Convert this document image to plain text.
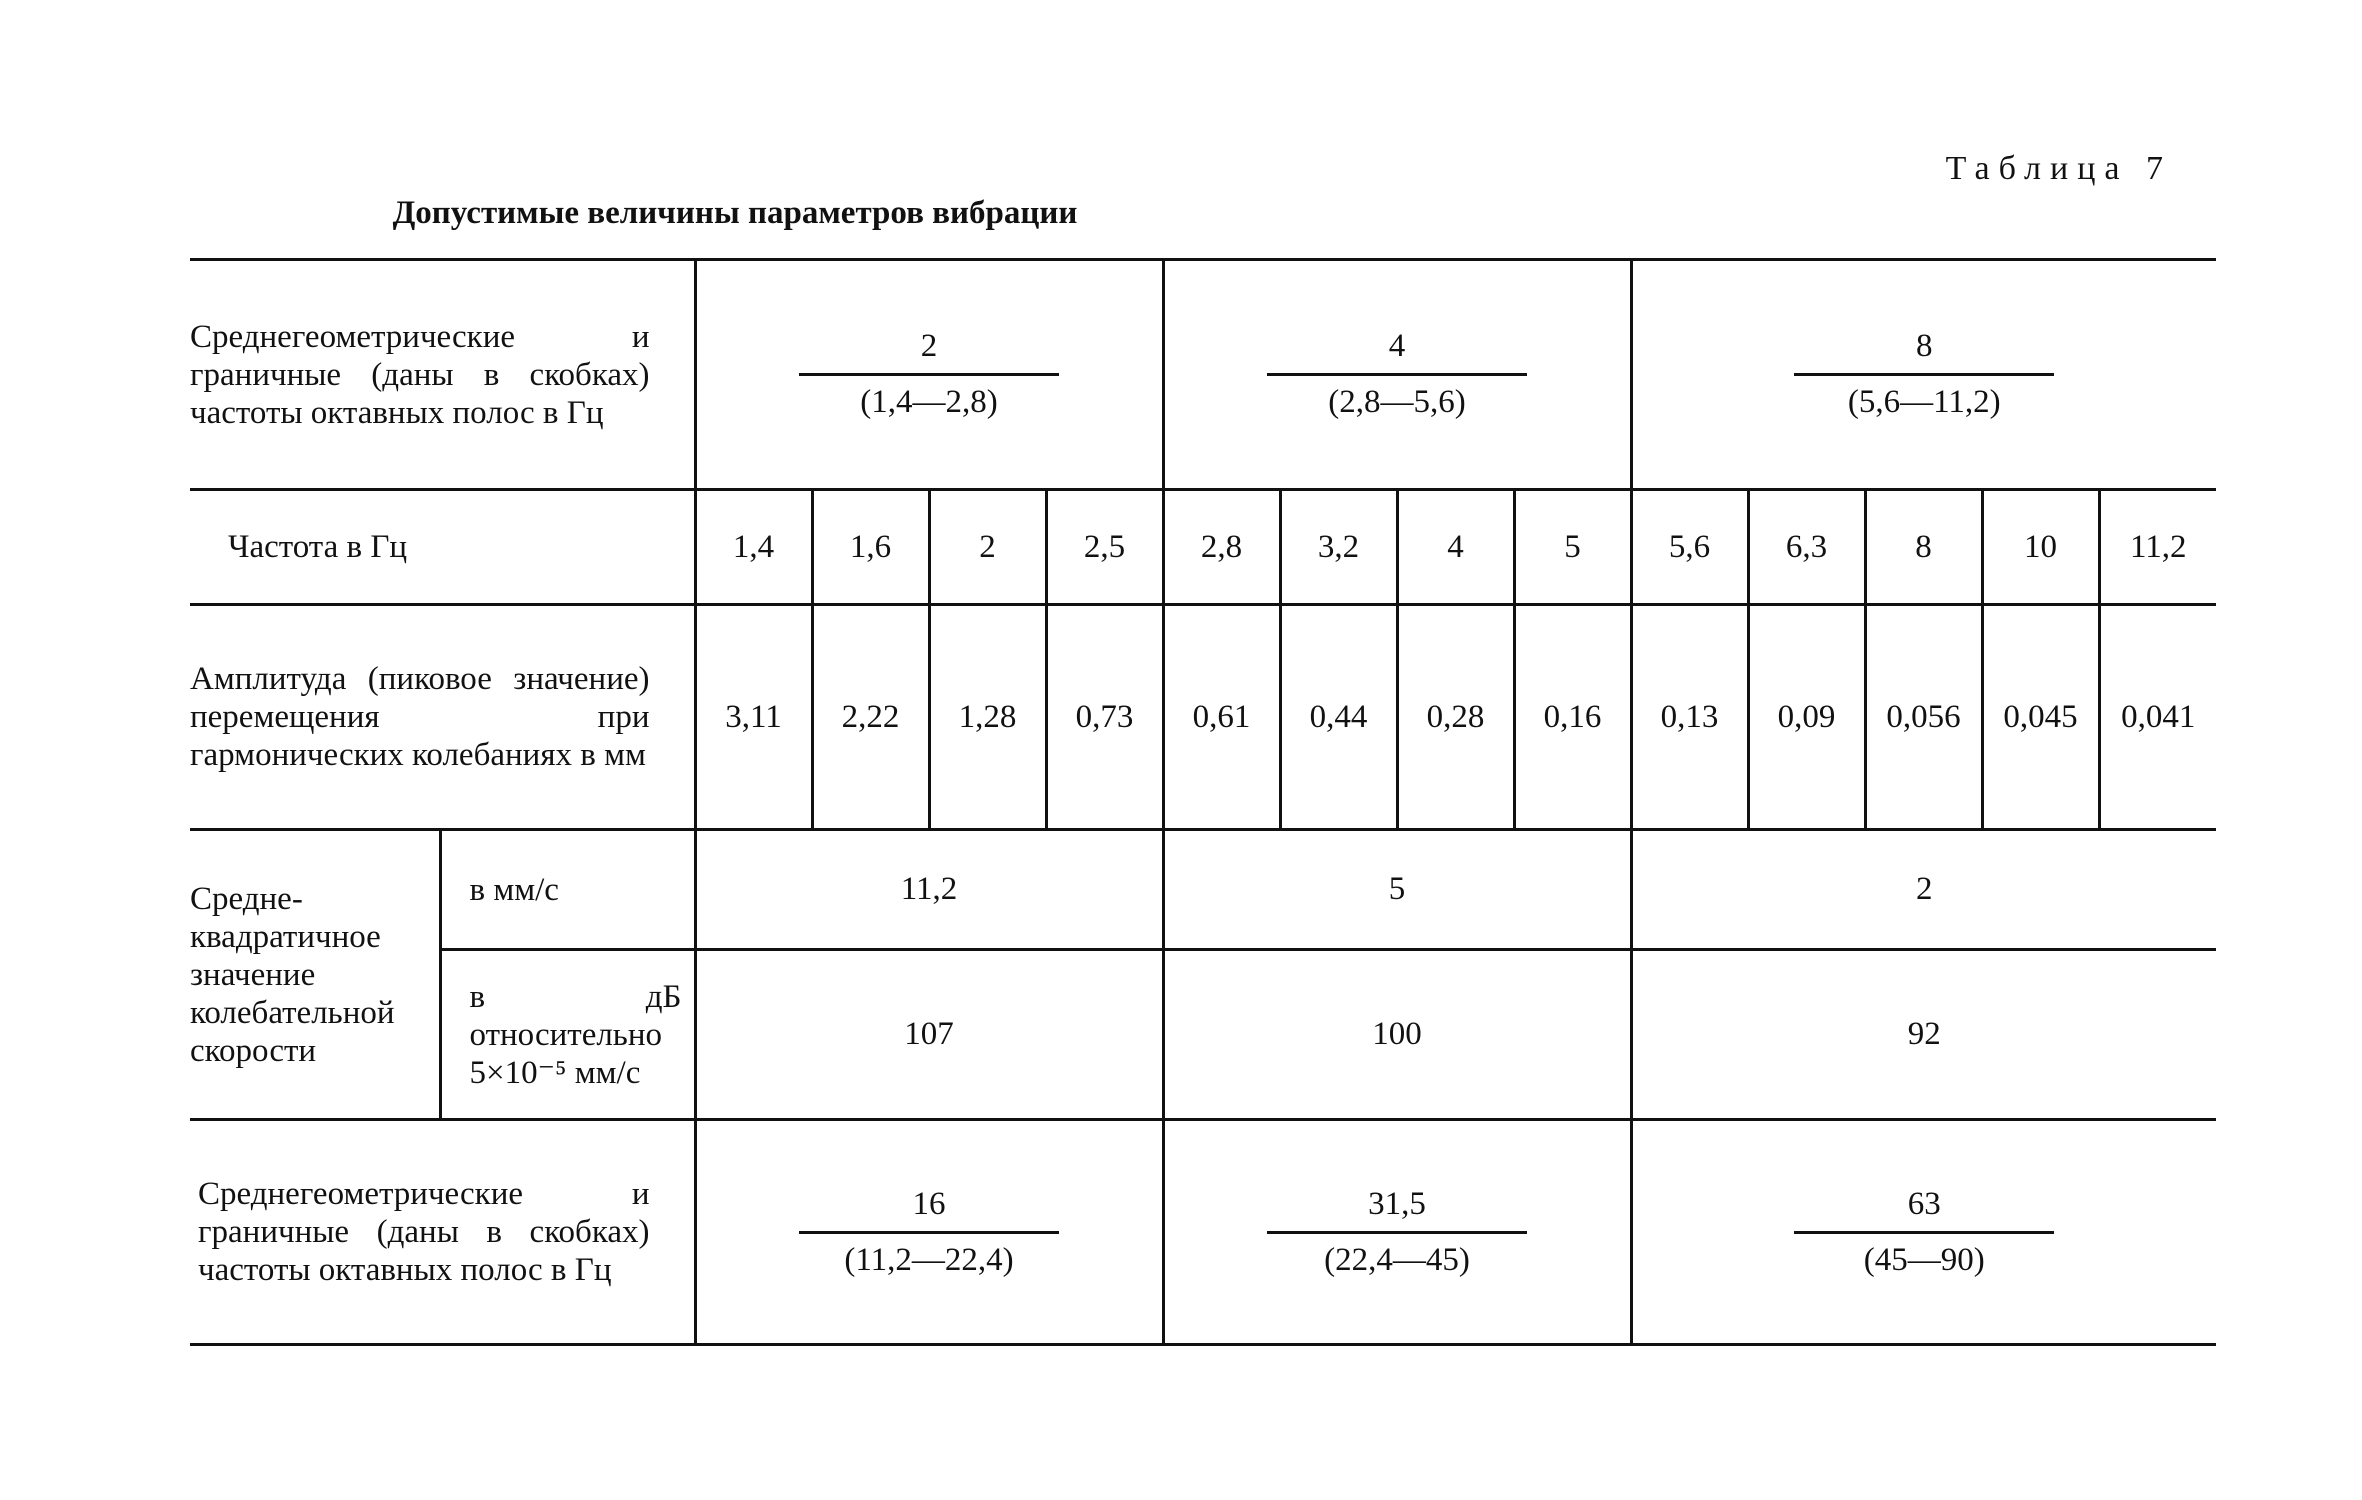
Таблица 7
Допустимые величины параметров вибрации
Среднегеометрические и граничные (даны в скобках) частоты октавных полос в Гц		$\frac{2}{(1,4—2,8)}$				$\frac{4}{(2,8—5,6)}$				$\frac{8}{(5,6—11,2)}$

Частота в Гц		1,4	1,6	2	2,5	2,8	3,2	4	5	5,6	6,3	8	10	11,2
Амплитуда (пиковое значение) перемещения при гармонических колебаниях в мм		3,11	2,22	1,28	0,73	0,61	0,44	0,28	0,16	0,13	0,09	0,056	0,045	0,041
Средне-квадратичное значение колебательной скорости	в мм/с	11,2				5				2				
	в дБ относительно 5×10⁻⁵ мм/с	107				100				92				
Среднегеометрические и граничные (даны в скобках) частоты октавных полос в Гц		$\frac{16}{(11,2—22,4)}$				$\frac{31,5}{(22,4—45)}$				$\frac{63}{(45—90)}$
